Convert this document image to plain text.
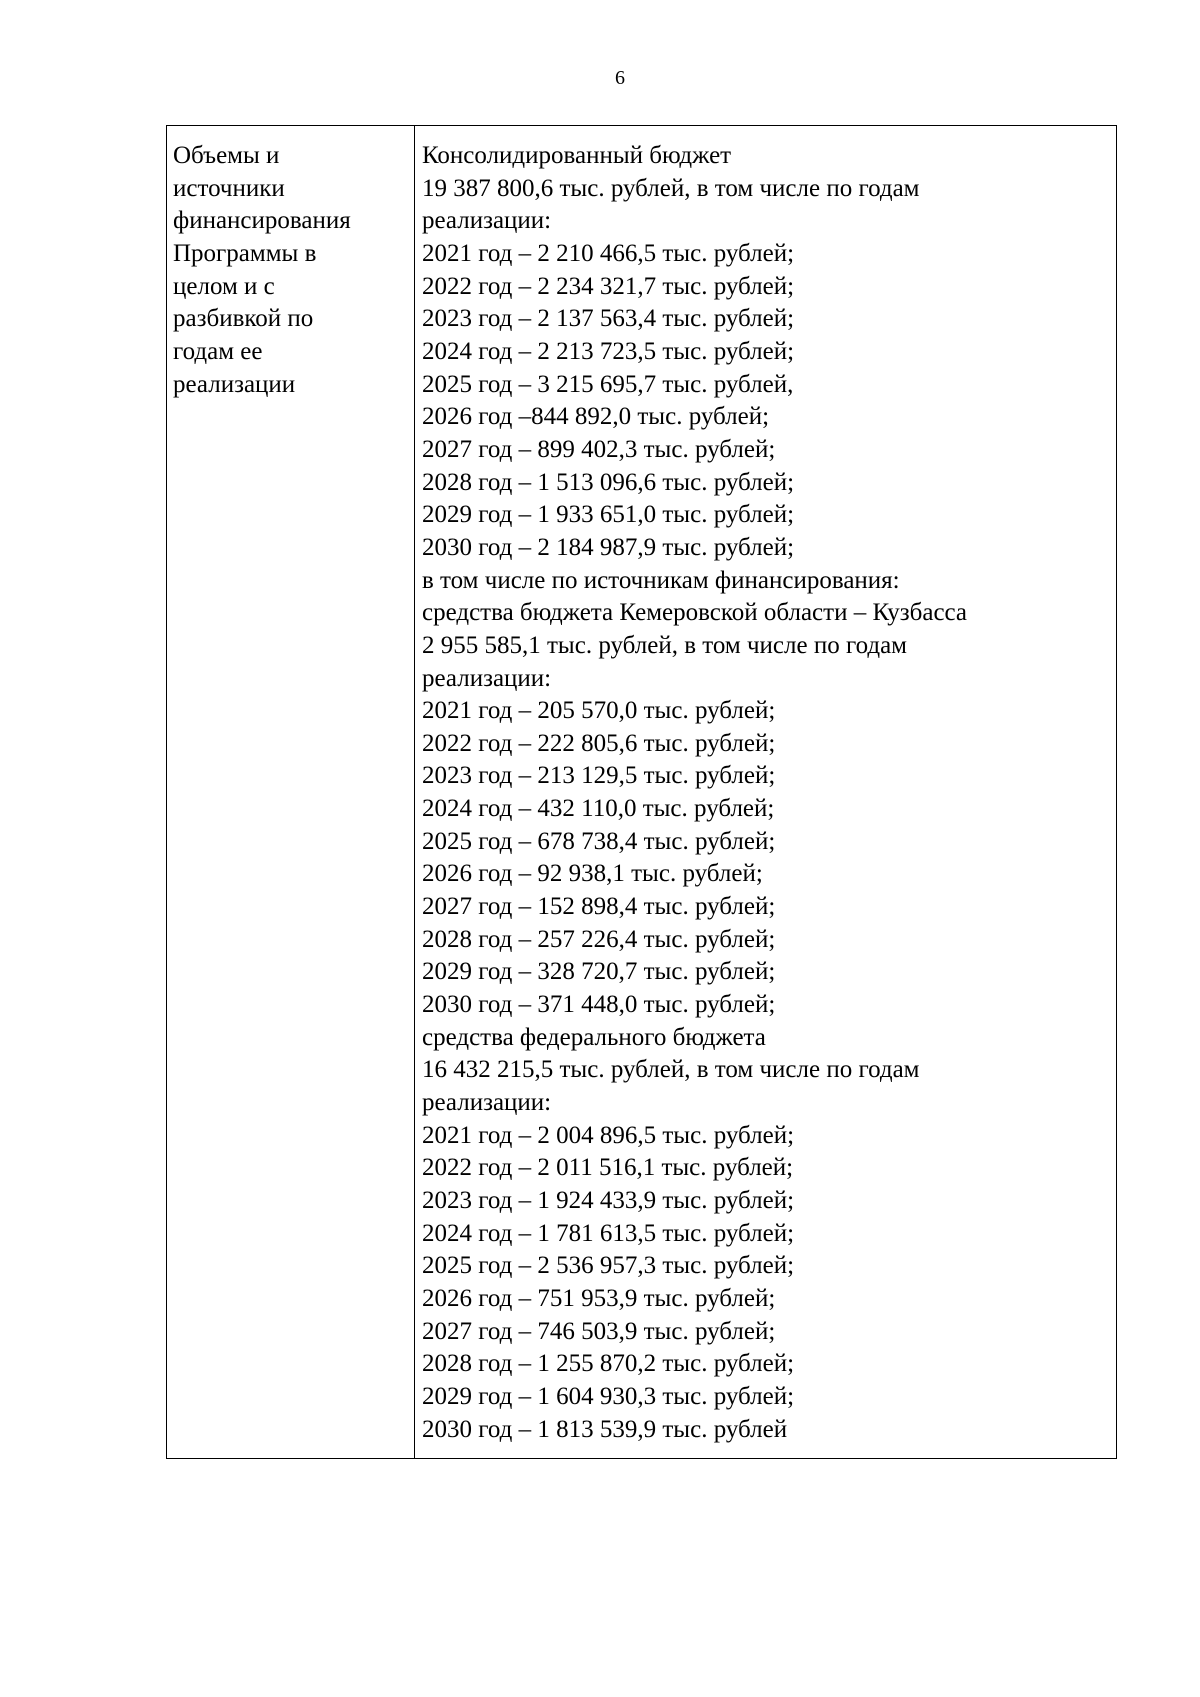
6
Объемы и
источники
финансирования
Программы в
целом и с
разбивкой по
годам ее
реализации

Консолидированный бюджет
19 387 800,6 тыс. рублей, в том числе по годам
реализации:
2021 год – 2 210 466,5 тыс. рублей;
2022 год – 2 234 321,7 тыс. рублей;
2023 год – 2 137 563,4 тыс. рублей;
2024 год – 2 213 723,5 тыс. рублей;
2025 год – 3 215 695,7 тыс. рублей,
2026 год –844 892,0 тыс. рублей;
2027 год – 899 402,3 тыс. рублей;
2028 год – 1 513 096,6 тыс. рублей;
2029 год – 1 933 651,0 тыс. рублей;
2030 год – 2 184 987,9 тыс. рублей;
в том числе по источникам финансирования:
средства бюджета Кемеровской области – Кузбасса
2 955 585,1 тыс. рублей, в том числе по годам
реализации:
2021 год – 205 570,0 тыс. рублей;
2022 год – 222 805,6 тыс. рублей;
2023 год – 213 129,5 тыс. рублей;
2024 год – 432 110,0 тыс. рублей;
2025 год – 678 738,4 тыс. рублей;
2026 год – 92 938,1 тыс. рублей;
2027 год – 152 898,4 тыс. рублей;
2028 год – 257 226,4 тыс. рублей;
2029 год – 328 720,7 тыс. рублей;
2030 год – 371 448,0 тыс. рублей;
средства федерального бюджета
16 432 215,5 тыс. рублей, в том числе по годам
реализации:
2021 год – 2 004 896,5 тыс. рублей;
2022 год – 2 011 516,1 тыс. рублей;
2023 год – 1 924 433,9 тыс. рублей;
2024 год – 1 781 613,5 тыс. рублей;
2025 год – 2 536 957,3 тыс. рублей;
2026 год – 751 953,9 тыс. рублей;
2027 год – 746 503,9 тыс. рублей;
2028 год – 1 255 870,2 тыс. рублей;
2029 год – 1 604 930,3 тыс. рублей;
2030 год – 1 813 539,9 тыс. рублей
